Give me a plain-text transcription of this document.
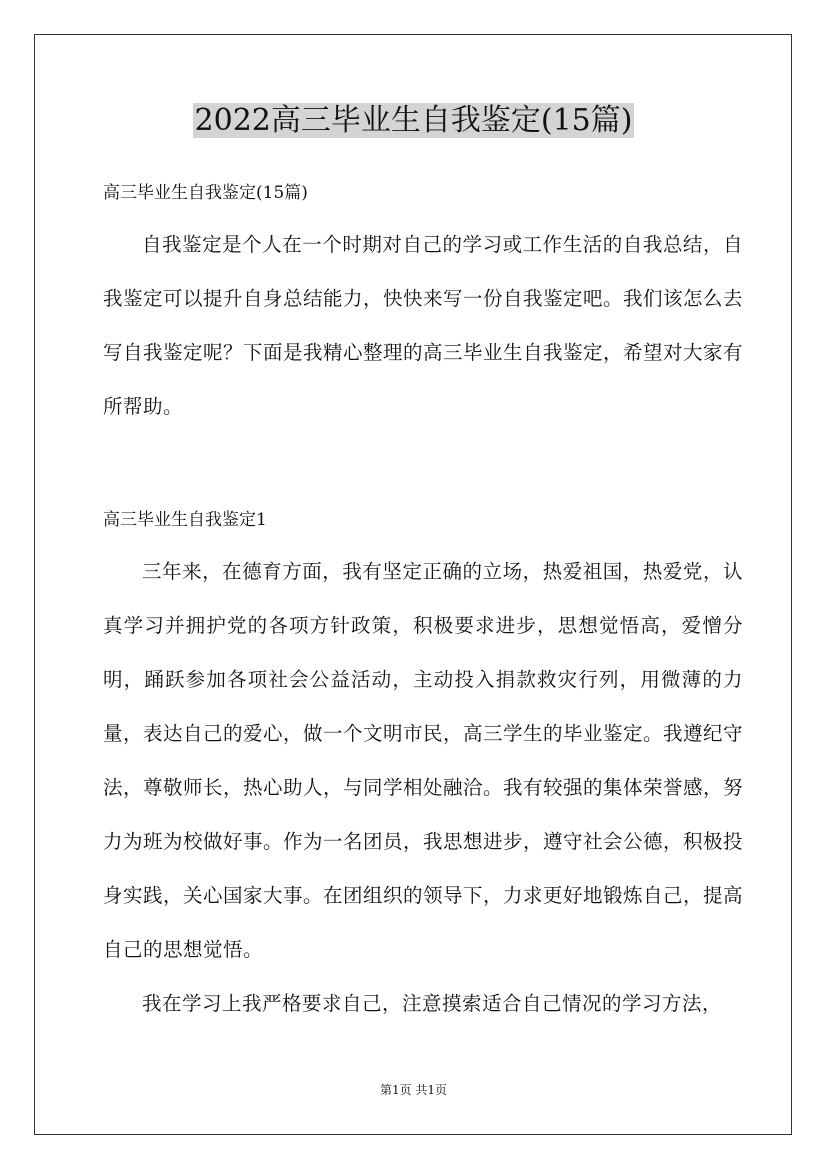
2022高三毕业生自我鉴定(15篇)
高三毕业生自我鉴定(15篇)

自我鉴定是个人在一个时期对自己的学习或工作生活的自我总结，自我鉴定可以提升自身总结能力，快快来写一份自我鉴定吧。我们该怎么去写自我鉴定呢？下面是我精心整理的高三毕业生自我鉴定，希望对大家有所帮助。

高三毕业生自我鉴定1

三年来，在德育方面，我有坚定正确的立场，热爱祖国，热爱党，认真学习并拥护党的各项方针政策，积极要求进步，思想觉悟高，爱憎分明，踊跃参加各项社会公益活动，主动投入捐款救灾行列，用微薄的力量，表达自己的爱心，做一个文明市民，高三学生的毕业鉴定。我遵纪守法，尊敬师长，热心助人，与同学相处融洽。我有较强的集体荣誉感，努力为班为校做好事。作为一名团员，我思想进步，遵守社会公德，积极投身实践，关心国家大事。在团组织的领导下，力求更好地锻炼自己，提高自己的思想觉悟。

我在学习上我严格要求自己，注意摸索适合自己情况的学习方法，

第1页 共1页
